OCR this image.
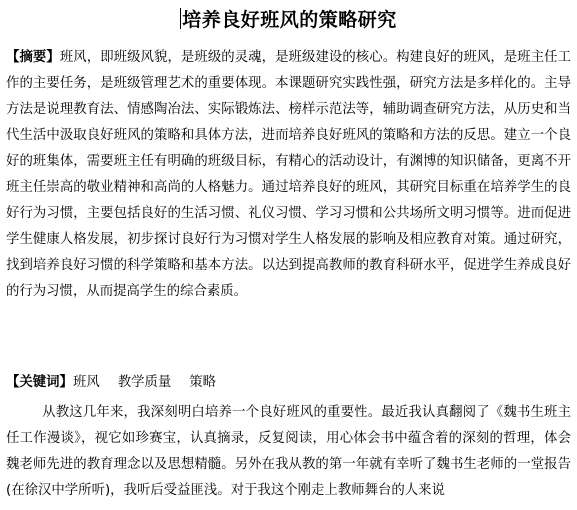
培养良好班风的策略研究
【摘要】班风，即班级风貌，是班级的灵魂，是班级建设的核心。构建良好的班风，是班主任工作的主要任务，是班级管理艺术的重要体现。本课题研究实践性强，研究方法是多样化的。主导方法是说理教育法、情感陶冶法、实际锻炼法、榜样示范法等，辅助调查研究方法，从历史和当代生活中汲取良好班风的策略和具体方法，进而培养良好班风的策略和方法的反思。建立一个良好的班集体，需要班主任有明确的班级目标，有精心的活动设计，有渊博的知识储备，更离不开班主任崇高的敬业精神和高尚的人格魅力。通过培养良好的班风，其研究目标重在培养学生的良好行为习惯，主要包括良好的生活习惯、礼仪习惯、学习习惯和公共场所文明习惯等。进而促进学生健康人格发展，初步探讨良好行为习惯对学生人格发展的影响及相应教育对策。通过研究，找到培养良好习惯的科学策略和基本方法。以达到提高教师的教育科研水平，促进学生养成良好的行为习惯，从而提高学生的综合素质。
【关键词】班风 教学质量 策略
从教这几年来，我深刻明白培养一个良好班风的重要性。最近我认真翻阅了《魏书生班主任工作漫谈》，视它如珍赛宝，认真摘录，反复阅读，用心体会书中蕴含着的深刻的哲理，体会魏老师先进的教育理念以及思想精髓。另外在我从教的第一年就有幸听了魏书生老师的一堂报告(在徐汉中学所听)，我听后受益匪浅。对于我这个刚走上教师舞台的人来说
